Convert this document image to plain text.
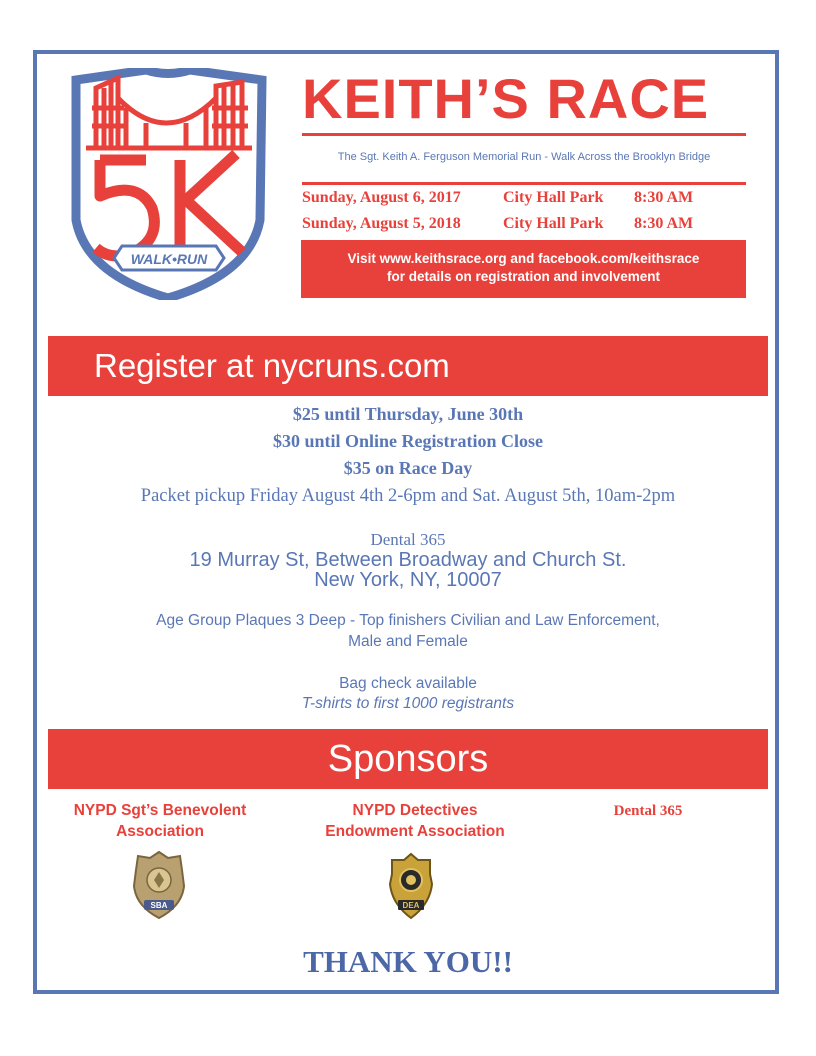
WALK•RUN
KEITH’S RACE
The Sgt. Keith A. Ferguson Memorial Run - Walk Across the Brooklyn Bridge
Sunday, August 6, 2017	City Hall Park 8:30 AM
Sunday, August 5, 2018	City Hall Park 8:30 AM
Visit www.keithsrace.org and facebook.com/keithsrace
for details on registration and involvement
Register at nycruns.com
$25 until Thursday, June 30th
$30 until Online Registration Close
$35 on Race Day
Packet pickup Friday August 4th 2-6pm and Sat. August 5th, 10am-2pm
Dental 365
19 Murray St, Between Broadway and Church St.
New York, NY, 10007
Age Group Plaques 3 Deep - Top finishers Civilian and Law Enforcement,
Male and Female
Bag check available
T-shirts to first 1000 registrants
Sponsors
NYPD Sgt’s Benevolent
Association
NYPD Detectives
Endowment Association
Dental 365
SBA	DEA
THANK YOU!!
